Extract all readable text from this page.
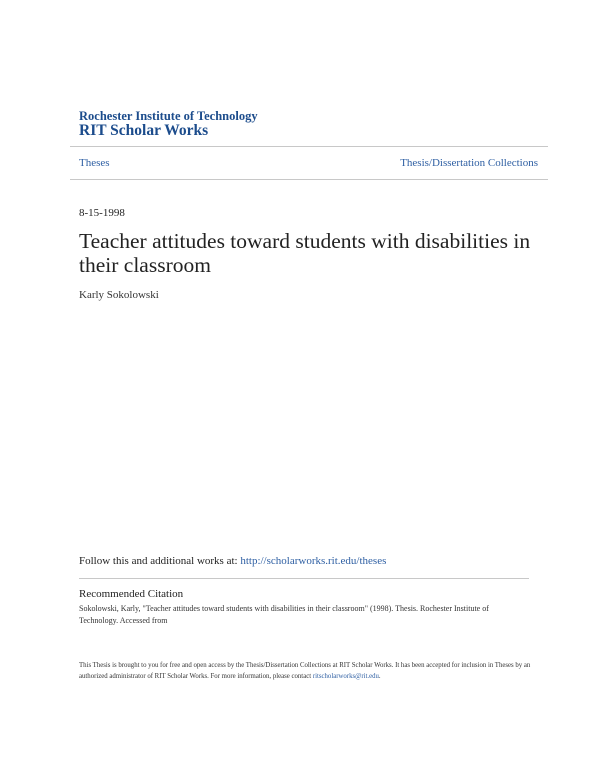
Rochester Institute of Technology
RIT Scholar Works
Theses	Thesis/Dissertation Collections
8-15-1998
Teacher attitudes toward students with disabilities in their classroom
Karly Sokolowski
Follow this and additional works at: http://scholarworks.rit.edu/theses
Recommended Citation
Sokolowski, Karly, "Teacher attitudes toward students with disabilities in their classroom" (1998). Thesis. Rochester Institute of Technology. Accessed from
This Thesis is brought to you for free and open access by the Thesis/Dissertation Collections at RIT Scholar Works. It has been accepted for inclusion in Theses by an authorized administrator of RIT Scholar Works. For more information, please contact ritscholarworks@rit.edu.
